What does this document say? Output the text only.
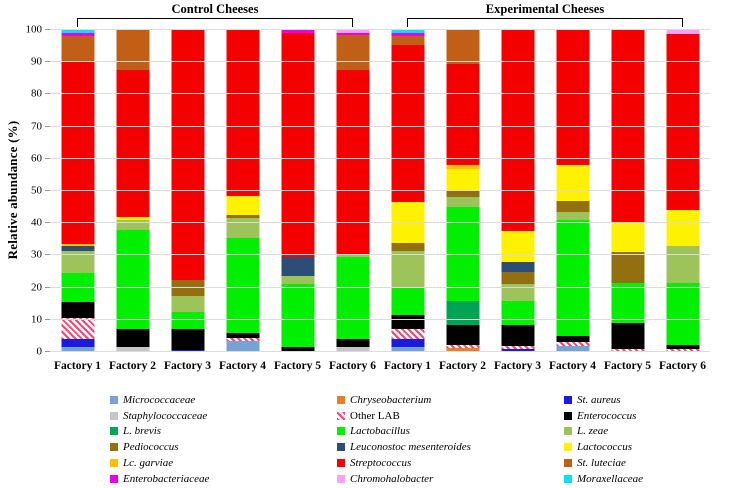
Relative abundance (%)
Control Cheeses	Experimental Cheeses
0
10
20
30
40
50
60
70
80
90
100
Factory 1 Factory 2 Factory 3 Factory 4 Factory 5 Factory 6 Factory 1 Factory 2 Factory 3 Factory 4 Factory 5 Factory 6
Micrococcaceae
Staphylococcaceae
L. brevis
Pediococcus
Lc. garviae
Enterobacteriaceae
Chryseobacterium
Other LAB
Lactobacillus
Leuconostoc mesenteroides
Streptococcus
Chromohalobacter
St. aureus
Enterococcus
L. zeae
Lactococcus
St. luteciae
Moraxellaceae
